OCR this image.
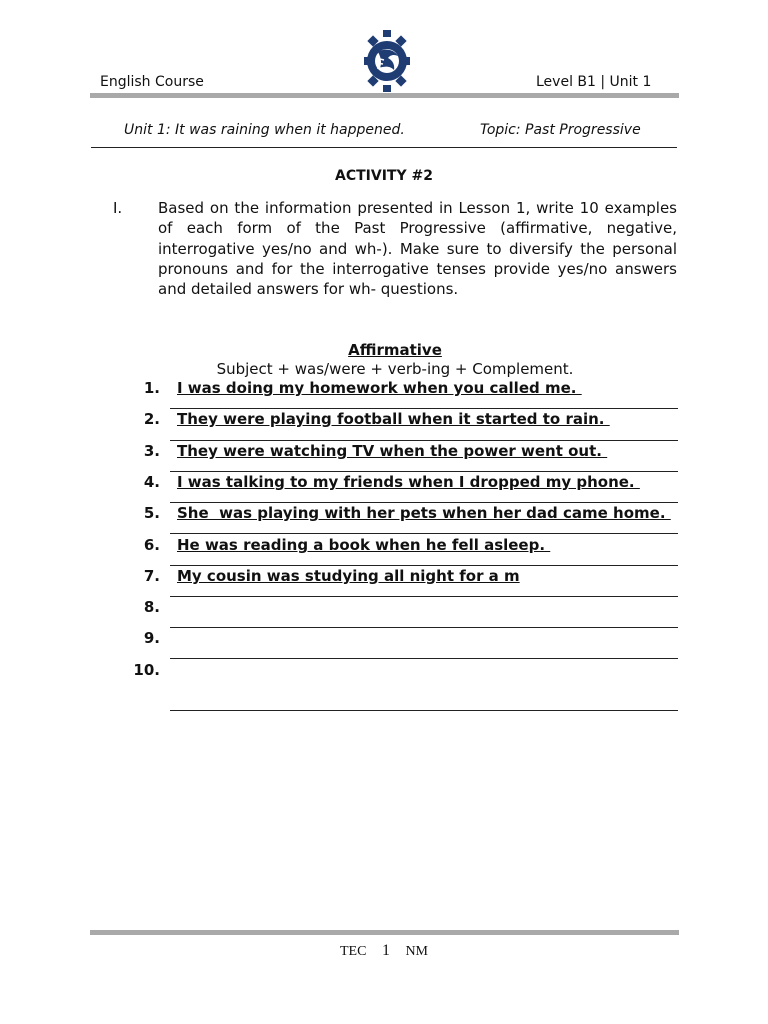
English Course	Level B1 | Unit 1
Unit 1: It was raining when it happened.	Topic: Past Progressive
ACTIVITY #2
I. Based on the information presented in Lesson 1, write 10 examples of each form of the Past Progressive (affirmative, negative, interrogative yes/no and wh-). Make sure to diversify the personal pronouns and for the interrogative tenses provide yes/no answers and detailed answers for wh- questions.
Affirmative
Subject + was/were + verb-ing + Complement.
1. I was doing my homework when you called me.
2. They were playing football when it started to rain.
3. They were watching TV when the power went out.
4. I was talking to my friends when I dropped my phone.
5. She  was playing with her pets when her dad came home.
6. He was reading a book when he fell asleep.
7. My cousin was studying all night for a m
8.
9.
10.
TEC 1 NM
